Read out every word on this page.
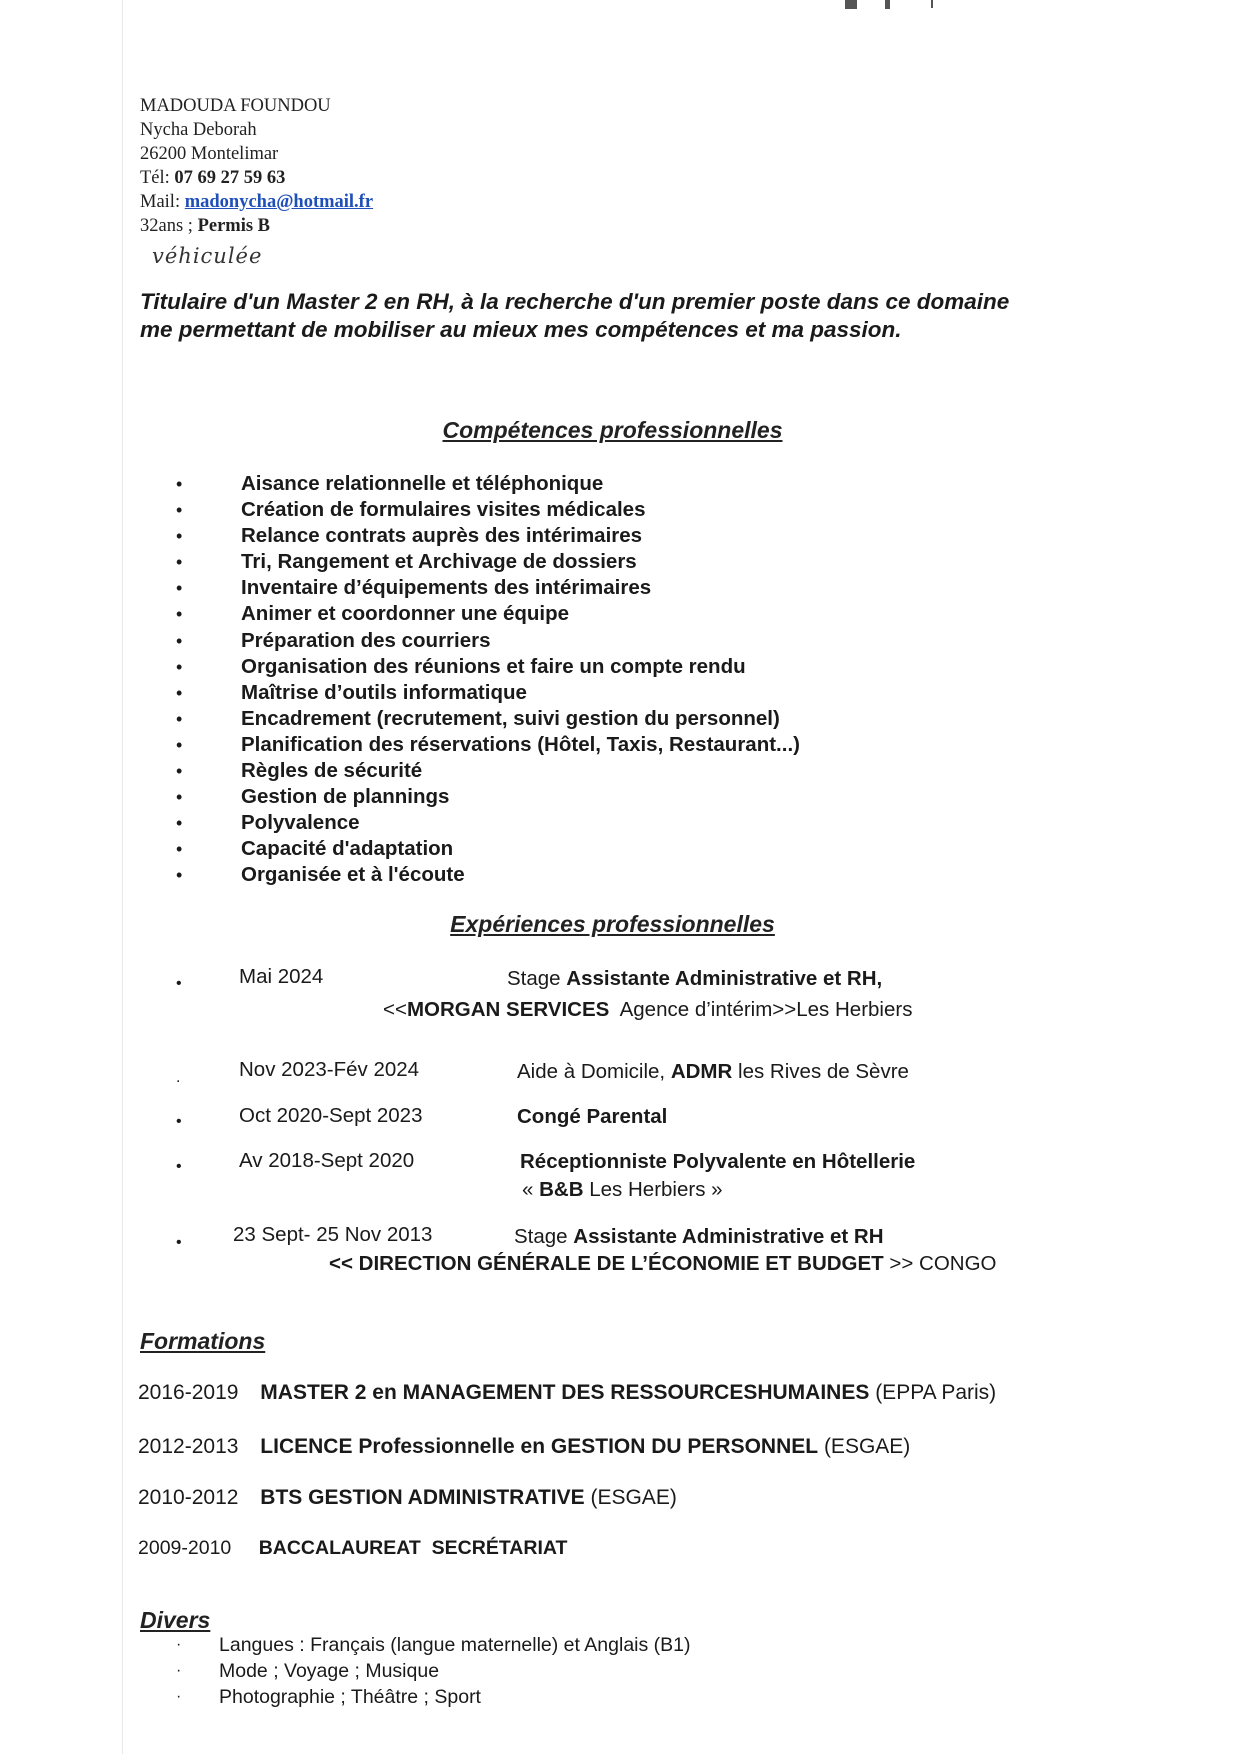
MADOUDA FOUNDOU
Nycha Deborah
26200 Montelimar
Tél: 07 69 27 59 63
Mail: madonycha@hotmail.fr
32ans ; Permis B
véhiculée
Titulaire d'un Master 2 en RH, à la recherche d'un premier poste dans ce domaine me permettant de mobiliser au mieux mes compétences et ma passion.
Compétences professionnelles
•	Aisance relationnelle et téléphonique
•	Création de formulaires visites médicales
•	Relance contrats auprès des intérimaires
•	Tri, Rangement et Archivage de dossiers
•	Inventaire d’équipements des intérimaires
•	Animer et coordonner une équipe
•	Préparation des courriers
•	Organisation des réunions et faire un compte rendu
•	Maîtrise d’outils informatique
•	Encadrement (recrutement, suivi gestion du personnel)
•	Planification des réservations (Hôtel, Taxis, Restaurant...)
•	Règles de sécurité
•	Gestion de plannings
•	Polyvalence
•	Capacité d'adaptation
•	Organisée et à l'écoute
Expériences professionnelles
•	Mai 2024	Stage Assistante Administrative et RH,
<<MORGAN SERVICES Agence d’intérim>>Les Herbiers
.	Nov 2023-Fév 2024	Aide à Domicile, ADMR les Rives de Sèvre
•	Oct 2020-Sept 2023	Congé Parental
•	Av 2018-Sept 2020	Réceptionniste Polyvalente en Hôtellerie
« B&B Les Herbiers »
•	23 Sept- 25 Nov 2013	Stage Assistante Administrative et RH
<< DIRECTION GÉNÉRALE DE L’ÉCONOMIE ET BUDGET >> CONGO
Formations
2016-2019 MASTER 2 en MANAGEMENT DES RESSOURCESHUMAINES (EPPA Paris)
2012-2013 LICENCE Professionnelle en GESTION DU PERSONNEL (ESGAE)
2010-2012 BTS GESTION ADMINISTRATIVE (ESGAE)
2009-2010 BACCALAUREAT  SECRÉTARIAT
Divers
· Langues : Français (langue maternelle) et Anglais (B1)
· Mode ; Voyage ; Musique
· Photographie ; Théâtre ; Sport
